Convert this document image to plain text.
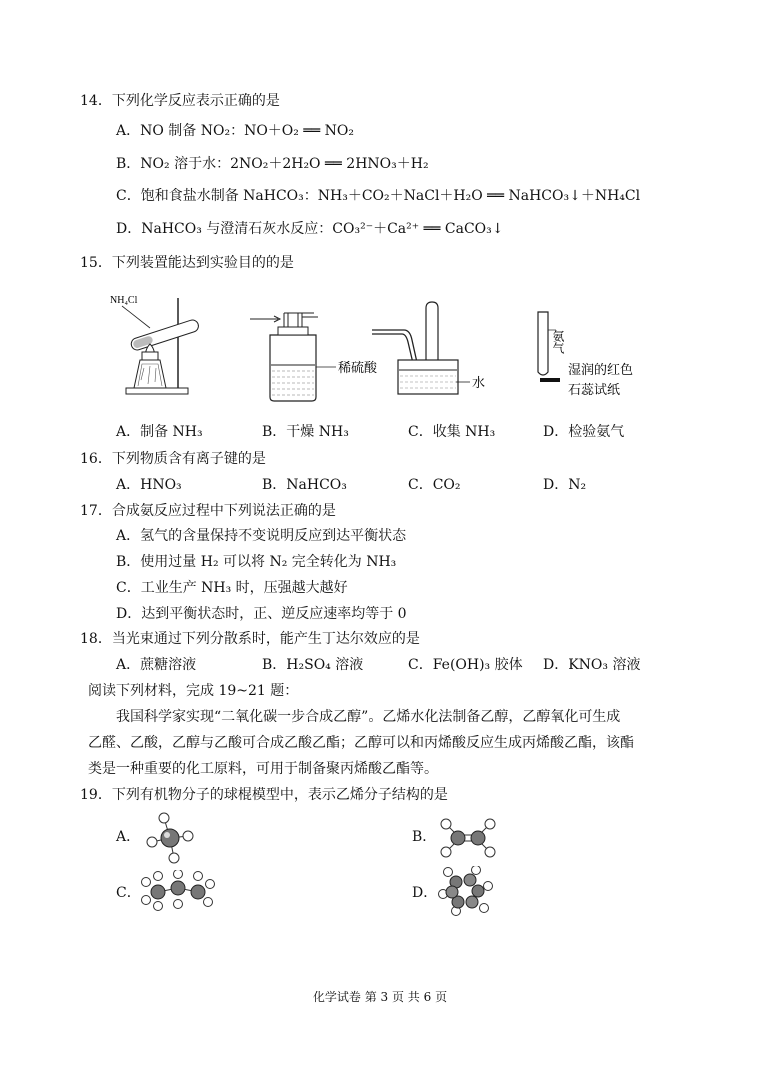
14．下列化学反应表示正确的是
A．NO 制备 NO₂：NO＋O₂ ══ NO₂
B．NO₂ 溶于水：2NO₂＋2H₂O ══ 2HNO₃＋H₂
C．饱和食盐水制备 NaHCO₃：NH₃＋CO₂＋NaCl＋H₂O ══ NaHCO₃↓＋NH₄Cl
D．NaHCO₃ 与澄清石灰水反应：CO₃²⁻＋Ca²⁺ ══ CaCO₃↓
15．下列装置能达到实验目的的是
NH₄Cl
稀硫酸
水
氨气
湿润的红色
石蕊试纸
A．制备 NH₃	B．干燥 NH₃	C．收集 NH₃	D．检验氨气
16．下列物质含有离子键的是
A．HNO₃	B．NaHCO₃	C．CO₂	D．N₂
17．合成氨反应过程中下列说法正确的是
A．氢气的含量保持不变说明反应到达平衡状态
B．使用过量 H₂ 可以将 N₂ 完全转化为 NH₃
C．工业生产 NH₃ 时，压强越大越好
D．达到平衡状态时，正、逆反应速率均等于 0
18．当光束通过下列分散系时，能产生丁达尔效应的是
A．蔗糖溶液	B．H₂SO₄ 溶液	C．Fe(OH)₃ 胶体 D．KNO₃ 溶液
阅读下列材料，完成 19~21 题：
我国科学家实现“二氧化碳一步合成乙醇”。乙烯水化法制备乙醇，乙醇氧化可生成
乙醛、乙酸，乙醇与乙酸可合成乙酸乙酯；乙醇可以和丙烯酸反应生成丙烯酸乙酯，该酯
类是一种重要的化工原料，可用于制备聚丙烯酸乙酯等。
19．下列有机物分子的球棍模型中，表示乙烯分子结构的是
A．	B．
C．	D．
化学试卷 第 3 页 共 6 页
